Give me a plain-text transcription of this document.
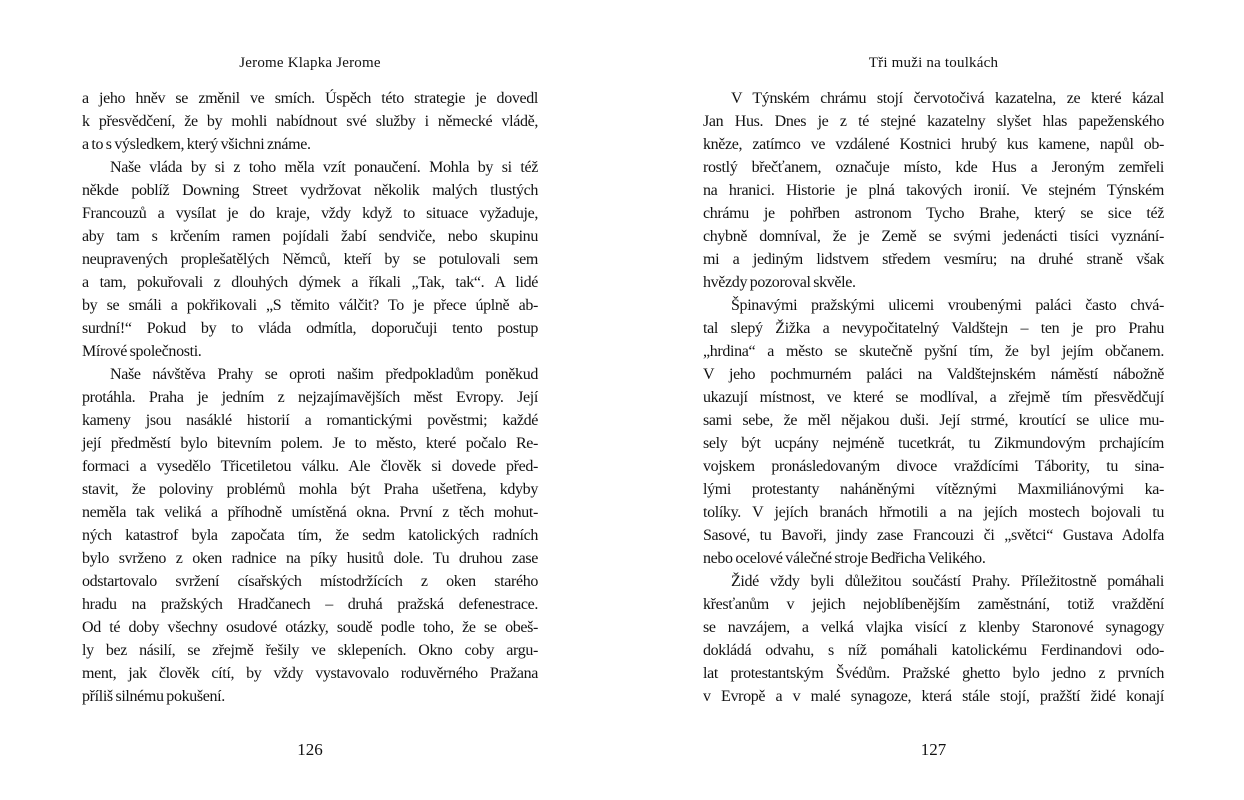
Jerome Klapka Jerome
a jeho hněv se změnil ve smích. Úspěch této strategie je dovedl
k přesvědčení, že by mohli nabídnout své služby i německé vládě,
a to s výsledkem, který všichni známe.
Naše vláda by si z toho měla vzít ponaučení. Mohla by si též
někde poblíž Downing Street vydržovat několik malých tlustých
Francouzů a vysílat je do kraje, vždy když to situace vyžaduje,
aby tam s krčením ramen pojídali žabí sendviče, nebo skupinu
neupravených proplešatělých Němců, kteří by se potulovali sem
a tam, pokuřovali z dlouhých dýmek a říkali „Tak, tak“. A lidé
by se smáli a pokřikovali „S těmito válčit? To je přece úplně ab-
surdní!“ Pokud by to vláda odmítla, doporučuji tento postup
Mírové společnosti.
Naše návštěva Prahy se oproti našim předpokladům poněkud
protáhla. Praha je jedním z nejzajímavějších měst Evropy. Její
kameny jsou nasáklé historií a romantickými pověstmi; každé
její předměstí bylo bitevním polem. Je to město, které počalo Re-
formaci a vysedělo Třicetiletou válku. Ale člověk si dovede před-
stavit, že poloviny problémů mohla být Praha ušetřena, kdyby
neměla tak veliká a příhodně umístěná okna. První z těch mohut-
ných katastrof byla započata tím, že sedm katolických radních
bylo svrženo z oken radnice na píky husitů dole. Tu druhou zase
odstartovalo svržení císařských místodržících z oken starého
hradu na pražských Hradčanech – druhá pražská defenestrace.
Od té doby všechny osudové otázky, soudě podle toho, že se obeš-
ly bez násilí, se zřejmě řešily ve sklepeních. Okno coby argu-
ment, jak člověk cítí, by vždy vystavovalo roduvěrného Pražana
příliš silnému pokušení.
126
Tři muži na toulkách
V Týnském chrámu stojí červotočivá kazatelna, ze které kázal
Jan Hus. Dnes je z té stejné kazatelny slyšet hlas papeženského
kněze, zatímco ve vzdálené Kostnici hrubý kus kamene, napůl ob-
rostlý břečťanem, označuje místo, kde Hus a Jeroným zemřeli
na hranici. Historie je plná takových ironií. Ve stejném Týnském
chrámu je pohřben astronom Tycho Brahe, který se sice též
chybně domníval, že je Země se svými jedenácti tisíci vyznání-
mi a jediným lidstvem středem vesmíru; na druhé straně však
hvězdy pozoroval skvěle.
Špinavými pražskými ulicemi vroubenými paláci často chvá-
tal slepý Žižka a nevypočitatelný Valdštejn – ten je pro Prahu
„hrdina“ a město se skutečně pyšní tím, že byl jejím občanem.
V jeho pochmurném paláci na Valdštejnském náměstí nábožně
ukazují místnost, ve které se modlíval, a zřejmě tím přesvědčují
sami sebe, že měl nějakou duši. Její strmé, kroutící se ulice mu-
sely být ucpány nejméně tucetkrát, tu Zikmundovým prchajícím
vojskem pronásledovaným divoce vraždícími Tábority, tu sina-
lými protestanty naháněnými vítěznými Maxmiliánovými ka-
tolíky. V jejích branách hřmotili a na jejích mostech bojovali tu
Sasové, tu Bavoři, jindy zase Francouzi či „světci“ Gustava Adolfa
nebo ocelové válečné stroje Bedřicha Velikého.
Židé vždy byli důležitou součástí Prahy. Příležitostně pomáhali
křesťanům v jejich nejoblíbenějším zaměstnání, totiž vraždění
se navzájem, a velká vlajka visící z klenby Staronové synagogy
dokládá odvahu, s níž pomáhali katolickému Ferdinandovi odo-
lat protestantským Švédům. Pražské ghetto bylo jedno z prvních
v Evropě a v malé synagoze, která stále stojí, pražští židé konají
127
